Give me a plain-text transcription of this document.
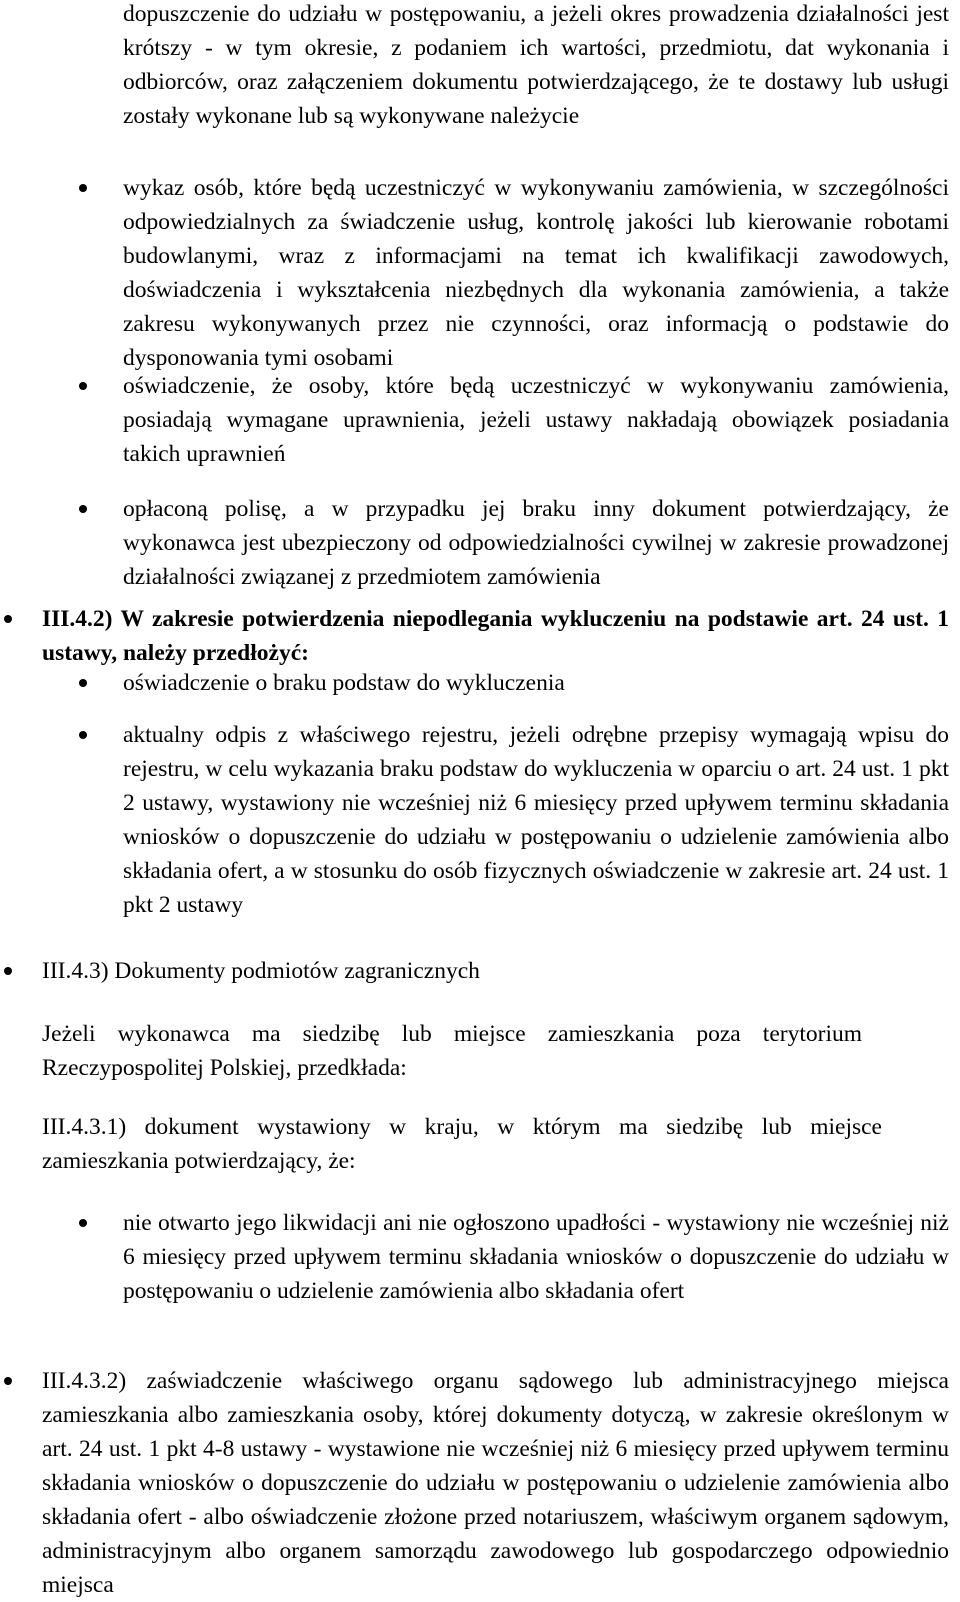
dopuszczenie do udziału w postępowaniu, a jeżeli okres prowadzenia działalności jest krótszy - w tym okresie, z podaniem ich wartości, przedmiotu, dat wykonania i odbiorców, oraz załączeniem dokumentu potwierdzającego, że te dostawy lub usługi zostały wykonane lub są wykonywane należycie

wykaz osób, które będą uczestniczyć w wykonywaniu zamówienia, w szczególności odpowiedzialnych za świadczenie usług, kontrolę jakości lub kierowanie robotami budowlanymi, wraz z informacjami na temat ich kwalifikacji zawodowych, doświadczenia i wykształcenia niezbędnych dla wykonania zamówienia, a także zakresu wykonywanych przez nie czynności, oraz informacją o podstawie do dysponowania tymi osobami

oświadczenie, że osoby, które będą uczestniczyć w wykonywaniu zamówienia, posiadają wymagane uprawnienia, jeżeli ustawy nakładają obowiązek posiadania takich uprawnień

opłaconą polisę, a w przypadku jej braku inny dokument potwierdzający, że wykonawca jest ubezpieczony od odpowiedzialności cywilnej w zakresie prowadzonej działalności związanej z przedmiotem zamówienia

III.4.2) W zakresie potwierdzenia niepodlegania wykluczeniu na podstawie art. 24 ust. 1 ustawy, należy przedłożyć:

oświadczenie o braku podstaw do wykluczenia

aktualny odpis z właściwego rejestru, jeżeli odrębne przepisy wymagają wpisu do rejestru, w celu wykazania braku podstaw do wykluczenia w oparciu o art. 24 ust. 1 pkt 2 ustawy, wystawiony nie wcześniej niż 6 miesięcy przed upływem terminu składania wniosków o dopuszczenie do udziału w postępowaniu o udzielenie zamówienia albo składania ofert, a w stosunku do osób fizycznych oświadczenie w zakresie art. 24 ust. 1 pkt 2 ustawy

III.4.3) Dokumenty podmiotów zagranicznych

Jeżeli wykonawca ma siedzibę lub miejsce zamieszkania poza terytorium Rzeczypospolitej Polskiej, przedkłada:

III.4.3.1) dokument wystawiony w kraju, w którym ma siedzibę lub miejsce zamieszkania potwierdzający, że:

nie otwarto jego likwidacji ani nie ogłoszono upadłości - wystawiony nie wcześniej niż 6 miesięcy przed upływem terminu składania wniosków o dopuszczenie do udziału w postępowaniu o udzielenie zamówienia albo składania ofert

III.4.3.2) zaświadczenie właściwego organu sądowego lub administracyjnego miejsca zamieszkania albo zamieszkania osoby, której dokumenty dotyczą, w zakresie określonym w art. 24 ust. 1 pkt 4-8 ustawy - wystawione nie wcześniej niż 6 miesięcy przed upływem terminu składania wniosków o dopuszczenie do udziału w postępowaniu o udzielenie zamówienia albo składania ofert - albo oświadczenie złożone przed notariuszem, właściwym organem sądowym, administracyjnym albo organem samorządu zawodowego lub gospodarczego odpowiednio miejsca
